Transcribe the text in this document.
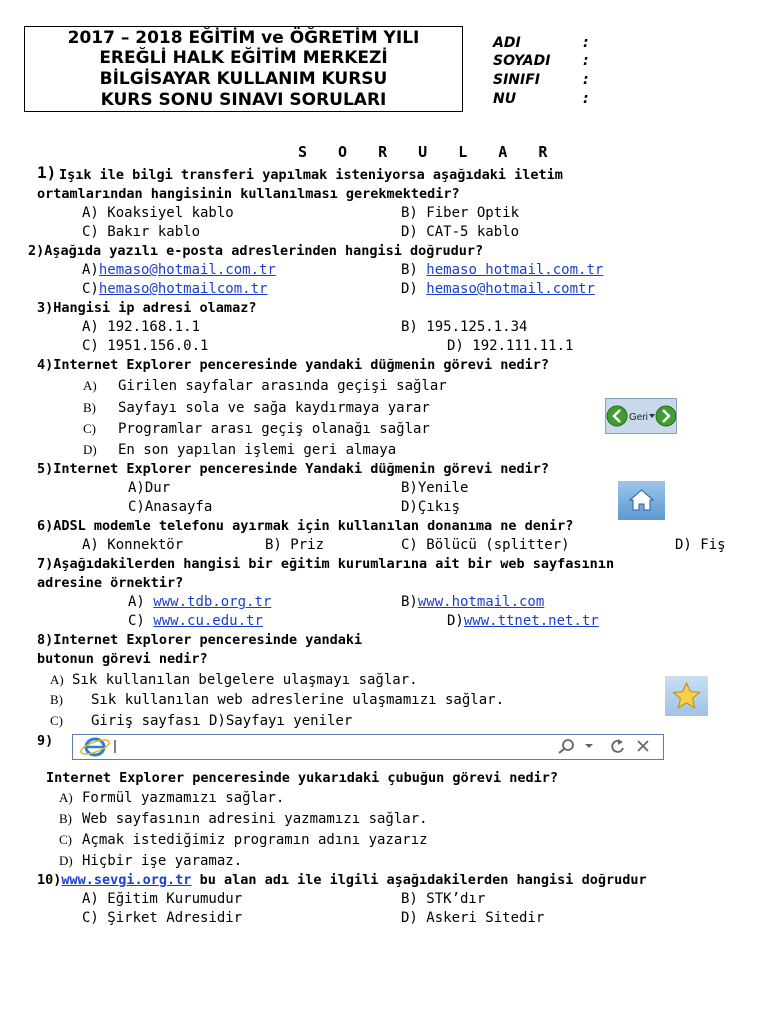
2017 – 2018 EĞİTİM ve ÖĞRETİM YILI
EREĞLİ HALK EĞİTİM MERKEZİ
BİLGİSAYAR KULLANIM KURSU
KURS SONU SINAVI SORULARI
ADI	:
SOYADI :
SINIFI	:
NU	:
S O R U L A R
1) Işık ile bilgi transferi yapılmak isteniyorsa aşağıdaki iletim
ortamlarından hangisinin kullanılması gerekmektedir?
A) Koaksiyel kablo	B) Fiber Optik
C) Bakır kablo	D) CAT-5 kablo
2)Aşağıda yazılı e-posta adreslerinden hangisi doğrudur?
A)hemaso@hotmail.com.tr	B) hemaso hotmail.com.tr
C)hemaso@hotmailcom.tr	D) hemaso@hotmail.comtr
3)Hangisi ip adresi olamaz?
A) 192.168.1.1	B) 195.125.1.34
C) 1951.156.0.1	D) 192.111.11.1
4)Internet Explorer penceresinde yandaki düğmenin görevi nedir?
A) Girilen sayfalar arasında geçişi sağlar
B) Sayfayı sola ve sağa kaydırmaya yarar
C) Programlar arası geçiş olanağı sağlar
D) En son yapılan işlemi geri almaya
Geri
5)Internet Explorer penceresinde Yandaki düğmenin görevi nedir?
A)Dur	B)Yenile
C)Anasayfa	D)Çıkış
6)ADSL modemle telefonu ayırmak için kullanılan donanıma ne denir?
A) Konnektör	B) Priz	C) Bölücü (splitter)	D) Fiş
7)Aşağıdakilerden hangisi bir eğitim kurumlarına ait bir web sayfasının
adresine örnektir?
A) www.tdb.org.tr	B)www.hotmail.com
C) www.cu.edu.tr	D)www.ttnet.net.tr
8)Internet Explorer penceresinde yandaki
butonun görevi nedir?
A) Sık kullanılan belgelere ulaşmayı sağlar.
B) Sık kullanılan web adreslerine ulaşmamızı sağlar.
C) Giriş sayfası D)Sayfayı yeniler
9)
Internet Explorer penceresinde yukarıdaki çubuğun görevi nedir?
A) Formül yazmamızı sağlar.
B) Web sayfasının adresini yazmamızı sağlar.
C) Açmak istediğimiz programın adını yazarız
D) Hiçbir işe yaramaz.
10)www.sevgi.org.tr bu alan adı ile ilgili aşağıdakilerden hangisi doğrudur
A) Eğitim Kurumudur	B) STK’dır
C) Şirket Adresidir	D) Askeri Sitedir
